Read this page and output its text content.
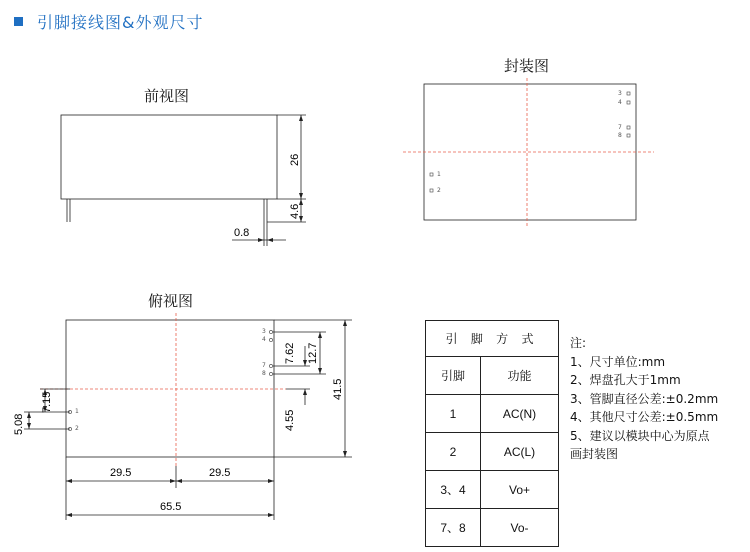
引脚接线图&外观尺寸
前视图
26
4.6
0.8
封装图
3
4
7
8
1
2
俯视图
3
4
7
8
1
2
7.62 12.7
41.5
4.55
7.15
5.08
29.5	29.5
65.5
引 脚 方 式	
引脚	功能
1	AC(N)
2	AC(L)
3、4	Vo+
7、8	Vo-
注:
1、尺寸单位:mm
2、焊盘孔大于1mm
3、管脚直径公差:±0.2mm
4、其他尺寸公差:±0.5mm
5、建议以模块中心为原点
画封装图
